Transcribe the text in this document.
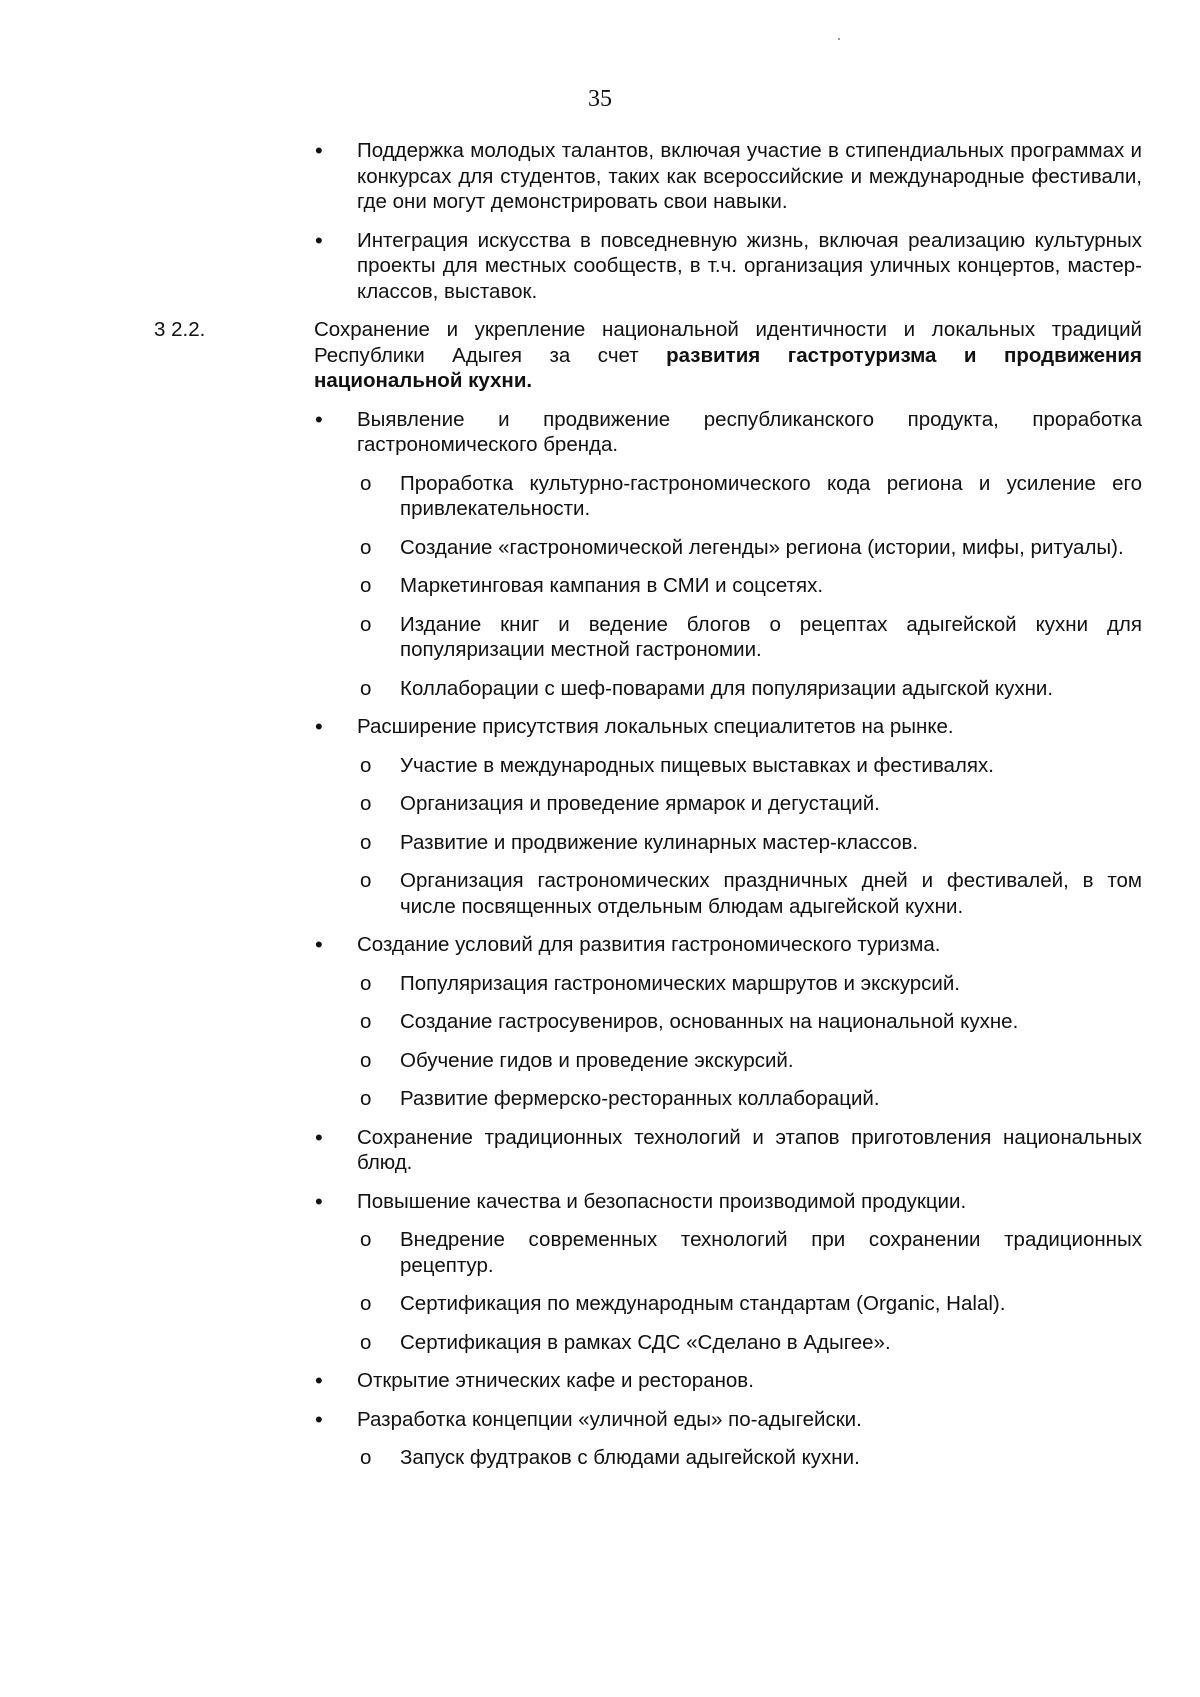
35
• Поддержка молодых талантов, включая участие в стипендиальных программах и конкурсах для студентов, таких как всероссийские и международные фестивали, где они могут демонстрировать свои навыки.
• Интеграция искусства в повседневную жизнь, включая реализацию культурных проекты для местных сообществ, в т.ч. организация уличных концертов, мастер-классов, выставок.
3 2.2.	Сохранение и укрепление национальной идентичности и локальных традиций Республики Адыгея за счет развития гастротуризма и продвижения национальной кухни.
• Выявление и продвижение республиканского продукта, проработка гастрономического бренда.
o Проработка культурно-гастрономического кода региона и усиление его привлекательности.
o Создание «гастрономической легенды» региона (истории, мифы, ритуалы).
o Маркетинговая кампания в СМИ и соцсетях.
o Издание книг и ведение блогов о рецептах адыгейской кухни для популяризации местной гастрономии.
o Коллаборации с шеф-поварами для популяризации адыгской кухни.
• Расширение присутствия локальных специалитетов на рынке.
o Участие в международных пищевых выставках и фестивалях.
o Организация и проведение ярмарок и дегустаций.
o Развитие и продвижение кулинарных мастер-классов.
o Организация гастрономических праздничных дней и фестивалей, в том числе посвященных отдельным блюдам адыгейской кухни.
• Создание условий для развития гастрономического туризма.
o Популяризация гастрономических маршрутов и экскурсий.
o Создание гастросувениров, основанных на национальной кухне.
o Обучение гидов и проведение экскурсий.
o Развитие фермерско-ресторанных коллабораций.
• Сохранение традиционных технологий и этапов приготовления национальных блюд.
• Повышение качества и безопасности производимой продукции.
o Внедрение современных технологий при сохранении традиционных рецептур.
o Сертификация по международным стандартам (Organic, Halal).
o Сертификация в рамках СДС «Сделано в Адыгее».
• Открытие этнических кафе и ресторанов.
• Разработка концепции «уличной еды» по-адыгейски.
o Запуск фудтраков с блюдами адыгейской кухни.
